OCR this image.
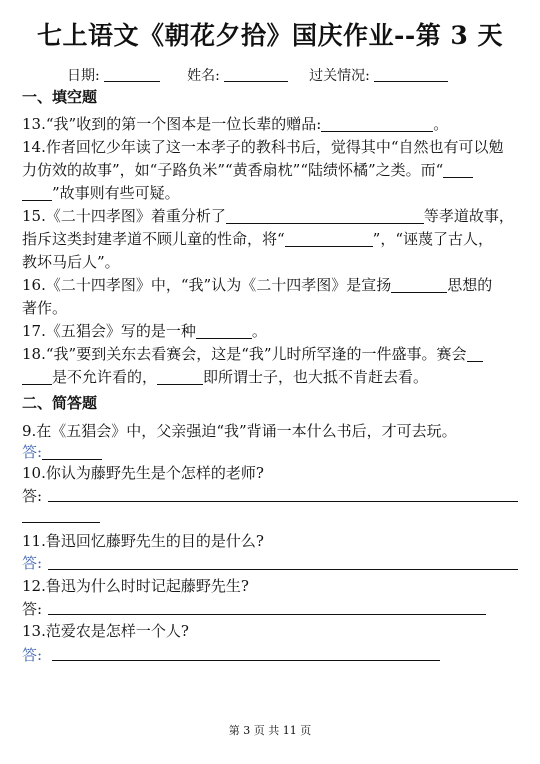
七上语文《朝花夕拾》国庆作业--第 3 天
日期:	姓名:	过关情况:
一、填空题
13.“我”收到的第一个图本是一位长辈的赠品:	。
14.作者回忆少年读了这一本孝子的教科书后，觉得其中“自然也有可以勉
力仿效的故事”，如“子路负米”“黄香扇枕”“陆绩怀橘”之类。而“
”故事则有些可疑。
15.《二十四孝图》着重分析了	等孝道故事，
指斥这类封建孝道不顾儿童的性命，将“	”，“诬蔑了古人，
教坏马后人”。
16.《二十四孝图》中，“我”认为《二十四孝图》是宣扬	思想的
著作。
17.《五猖会》写的是一种	。
18.“我”要到关东去看赛会，这是“我”儿时所罕逢的一件盛事。赛会
是不允许看的，	即所谓士子，也大抵不肯赶去看。
二、简答题
9.在《五猖会》中，父亲强迫“我”背诵一本什么书后，才可去玩。
答:
10.你认为藤野先生是个怎样的老师?
答:
11.鲁迅回忆藤野先生的目的是什么?
答:
12.鲁迅为什么时时记起藤野先生?
答:
13.范爱农是怎样一个人?
答:
第 3 页 共 11 页
